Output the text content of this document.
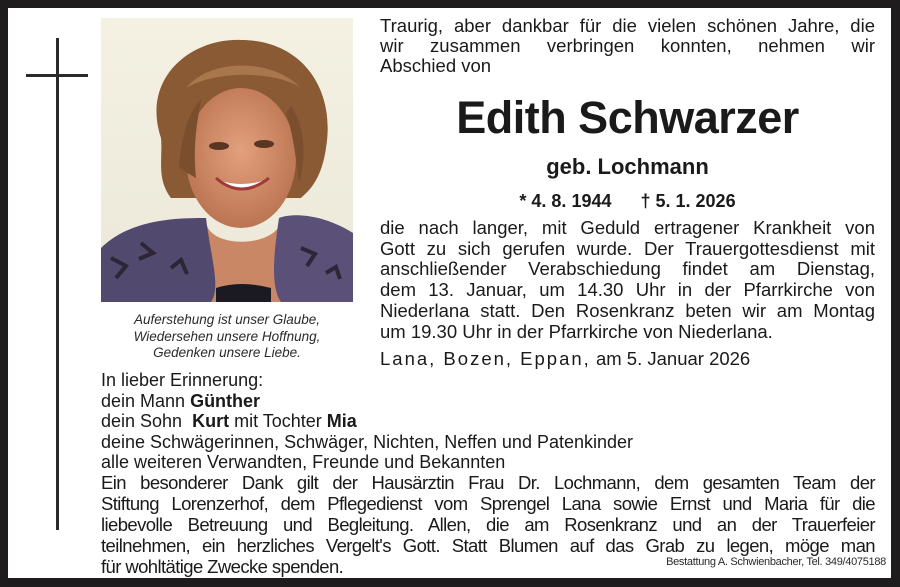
Auferstehung ist unser Glaube,
Wiedersehen unsere Hoffnung,
Gedenken unsere Liebe.
Traurig, aber dankbar für die vielen schönen Jahre, die
wir zusammen verbringen konnten, nehmen wir
Abschied von
Edith Schwarzer
geb. Lochmann
* 4. 8. 1944 † 5. 1. 2026
die nach langer, mit Geduld ertragener Krankheit von
Gott zu sich gerufen wurde. Der Trauergottesdienst mit
anschließender Verabschiedung findet am Dienstag,
dem 13. Januar, um 14.30 Uhr in der Pfarrkirche von
Niederlana statt. Den Rosenkranz beten wir am Montag
um 19.30 Uhr in der Pfarrkirche von Niederlana.
Lana, Bozen, Eppan, am 5. Januar 2026
In lieber Erinnerung:
dein Mann Günther
dein Sohn  Kurt mit Tochter Mia
deine Schwägerinnen, Schwäger, Nichten, Neffen und Patenkinder
alle weiteren Verwandten, Freunde und Bekannten
Ein besonderer Dank gilt der Hausärztin Frau Dr. Lochmann, dem gesamten Team der
Stiftung Lorenzerhof, dem Pflegedienst vom Sprengel Lana sowie Ernst und Maria für die
liebevolle Betreuung und Begleitung. Allen, die am Rosenkranz und an der Trauerfeier
teilnehmen, ein herzliches Vergelt's Gott. Statt Blumen auf das Grab zu legen, möge man
für wohltätige Zwecke spenden.	Bestattung A. Schwienbacher, Tel. 349/4075188
